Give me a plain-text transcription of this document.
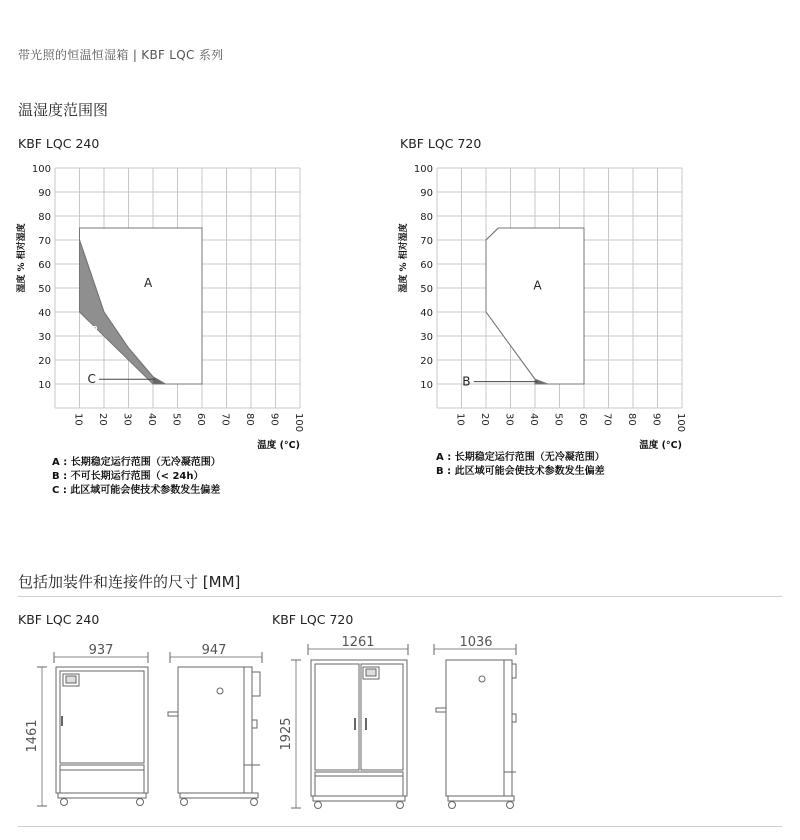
带光照的恒温恒湿箱 | KBF LQC 系列
温湿度范围图
KBF LQC 240	KBF LQC 720
10
20
30
40
50
60
70
80
90
100
10 20 30 40 50 60 70 80 90 100
湿度 % 相对湿度
温度 (°C)
A
B
C	10
20
30
40
50
60
70
80
90
100
10 20 30 40 50 60 70 80 90 100
湿度 % 相对湿度
温度 (°C)
A
B
A : 长期稳定运行范围（无冷凝范围）
B : 不可长期运行范围（< 24h）
C : 此区域可能会使技术参数发生偏差
A : 长期稳定运行范围（无冷凝范围）
B : 此区域可能会使技术参数发生偏差
包括加装件和连接件的尺寸 [MM]
KBF LQC 240	KBF LQC 720
937	947
1261	1036
1461	1925
